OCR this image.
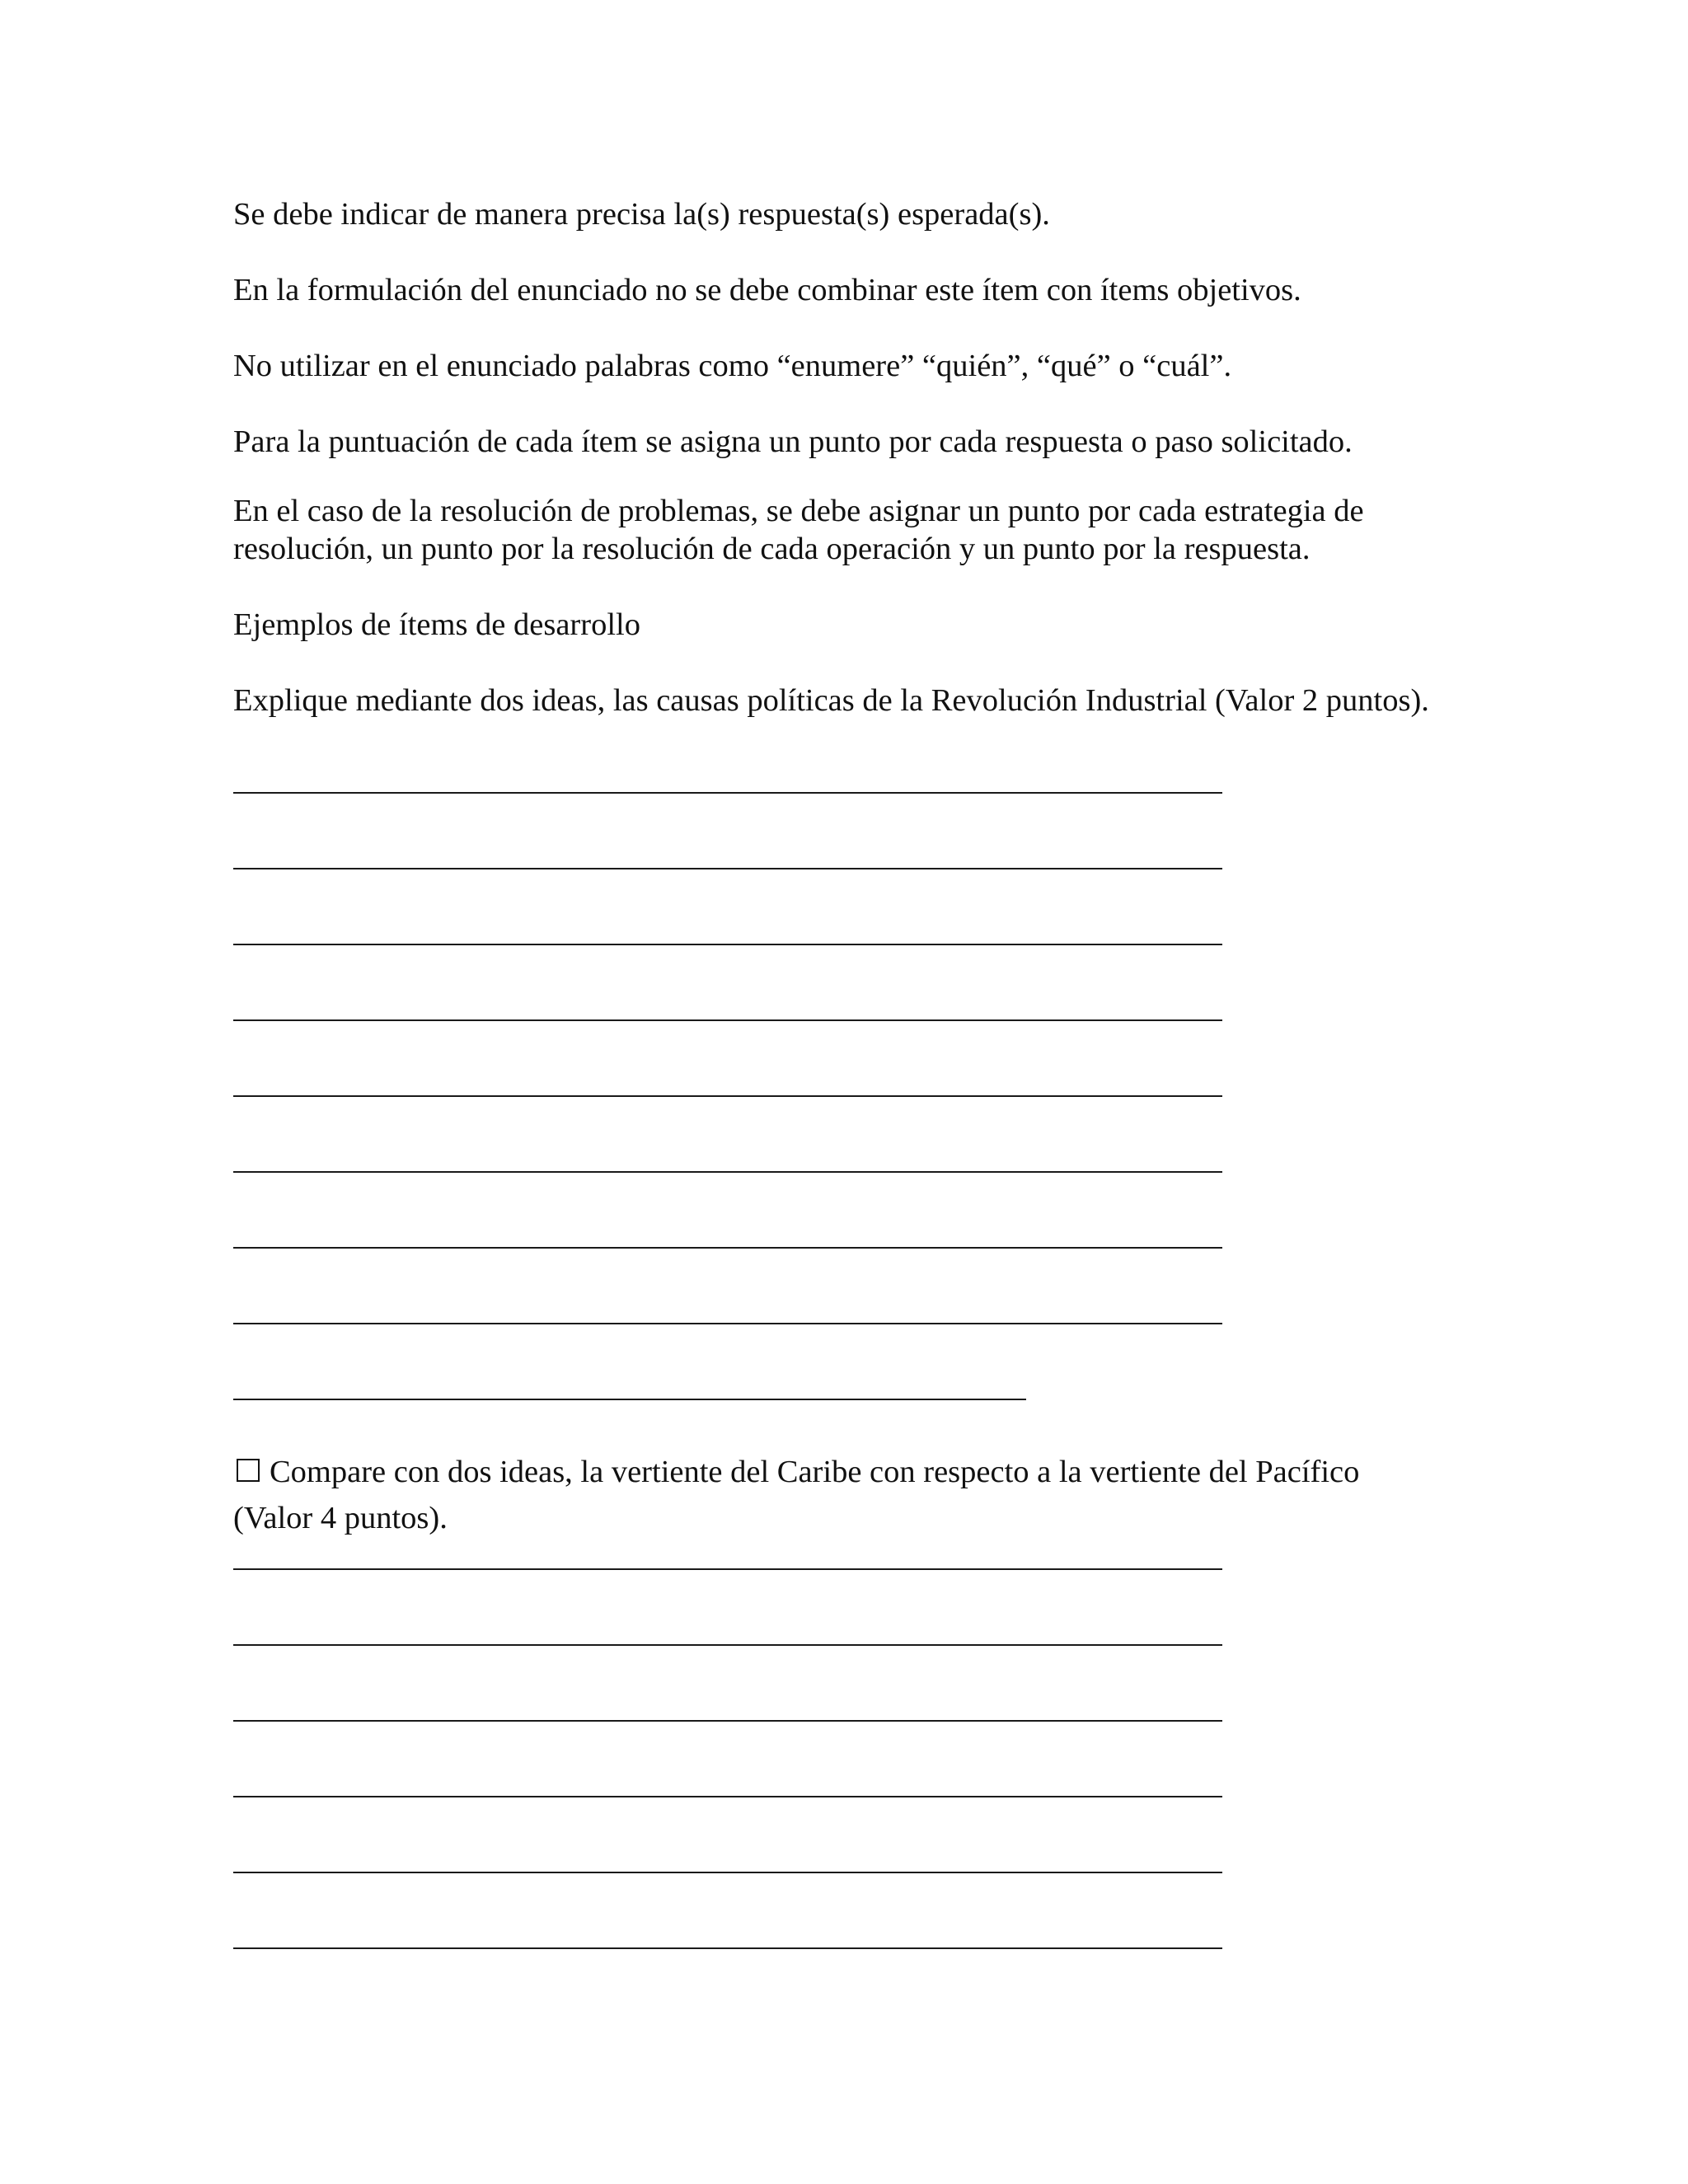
Se debe indicar de manera precisa la(s) respuesta(s) esperada(s).

En la formulación del enunciado no se debe combinar este ítem con ítems objetivos.

No utilizar en el enunciado palabras como “enumere” “quién”, “qué” o “cuál”.

Para la puntuación de cada ítem se asigna un punto por cada respuesta o paso solicitado.

En el caso de la resolución de problemas, se debe asignar un punto por cada estrategia de resolución, un punto por la resolución de cada operación y un punto por la respuesta.

Ejemplos de ítems de desarrollo

Explique mediante dos ideas, las causas políticas de la Revolución Industrial (Valor 2 puntos).

Compare con dos ideas, la vertiente del Caribe con respecto a la vertiente del Pacífico (Valor 4 puntos).
